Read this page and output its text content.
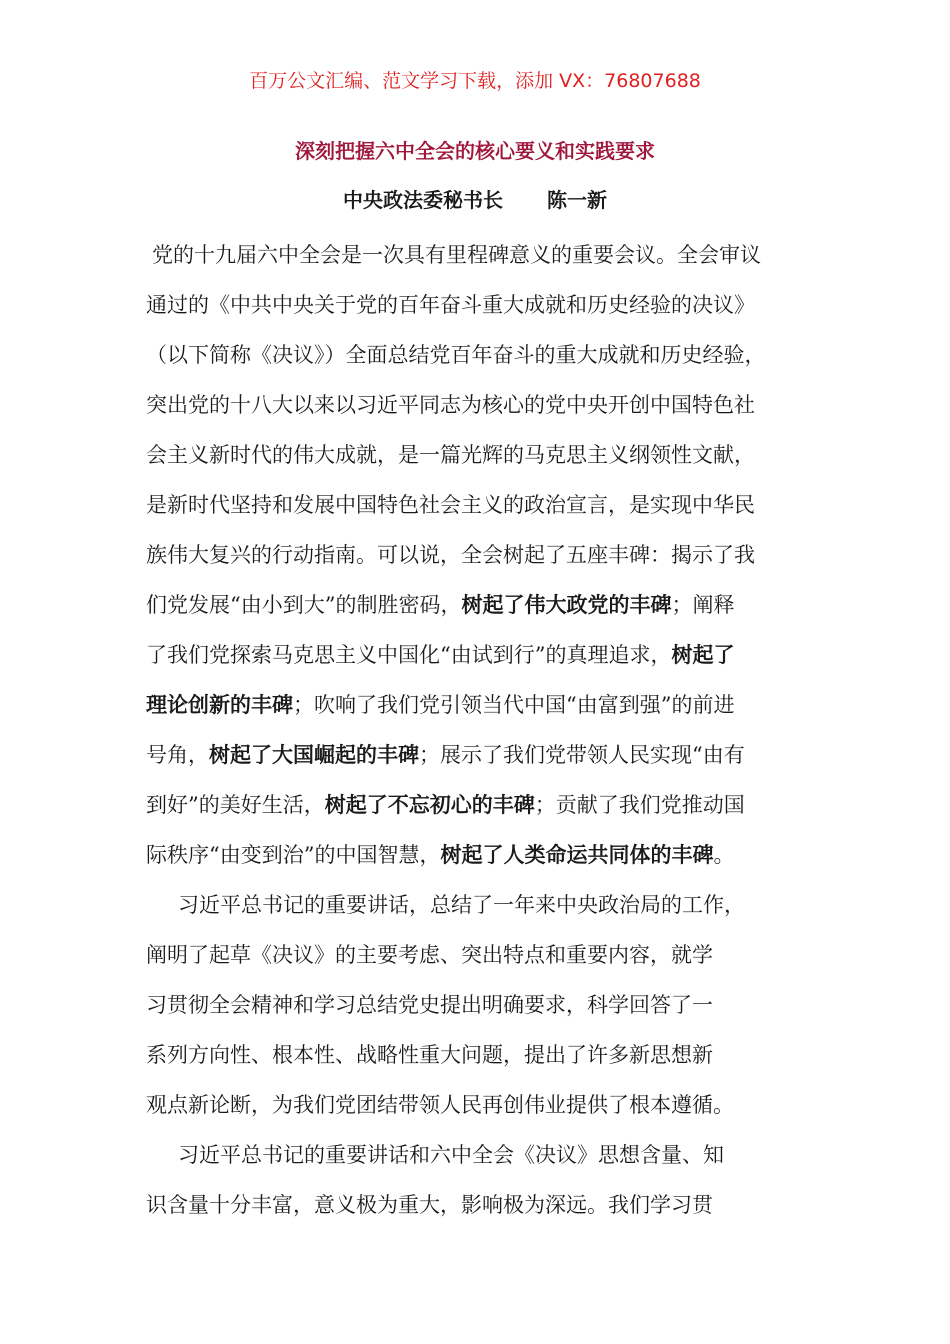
百万公文汇编、范文学习下载，添加 VX：76807688
深刻把握六中全会的核心要义和实践要求
中央政法委秘书长 陈一新
党的十九届六中全会是一次具有里程碑意义的重要会议。全会审议
通过的《中共中央关于党的百年奋斗重大成就和历史经验的决议》
（以下简称《决议》）全面总结党百年奋斗的重大成就和历史经验，
突出党的十八大以来以习近平同志为核心的党中央开创中国特色社
会主义新时代的伟大成就，是一篇光辉的马克思主义纲领性文献，
是新时代坚持和发展中国特色社会主义的政治宣言，是实现中华民
族伟大复兴的行动指南。可以说，全会树起了五座丰碑：揭示了我
们党发展“由小到大”的制胜密码，树起了伟大政党的丰碑；阐释
了我们党探索马克思主义中国化“由试到行”的真理追求，树起了
理论创新的丰碑；吹响了我们党引领当代中国“由富到强”的前进
号角，树起了大国崛起的丰碑；展示了我们党带领人民实现“由有
到好”的美好生活，树起了不忘初心的丰碑；贡献了我们党推动国
际秩序“由变到治”的中国智慧，树起了人类命运共同体的丰碑。
习近平总书记的重要讲话，总结了一年来中央政治局的工作，
阐明了起草《决议》的主要考虑、突出特点和重要内容，就学
习贯彻全会精神和学习总结党史提出明确要求，科学回答了一
系列方向性、根本性、战略性重大问题，提出了许多新思想新
观点新论断，为我们党团结带领人民再创伟业提供了根本遵循。
习近平总书记的重要讲话和六中全会《决议》思想含量、知
识含量十分丰富，意义极为重大，影响极为深远。我们学习贯
